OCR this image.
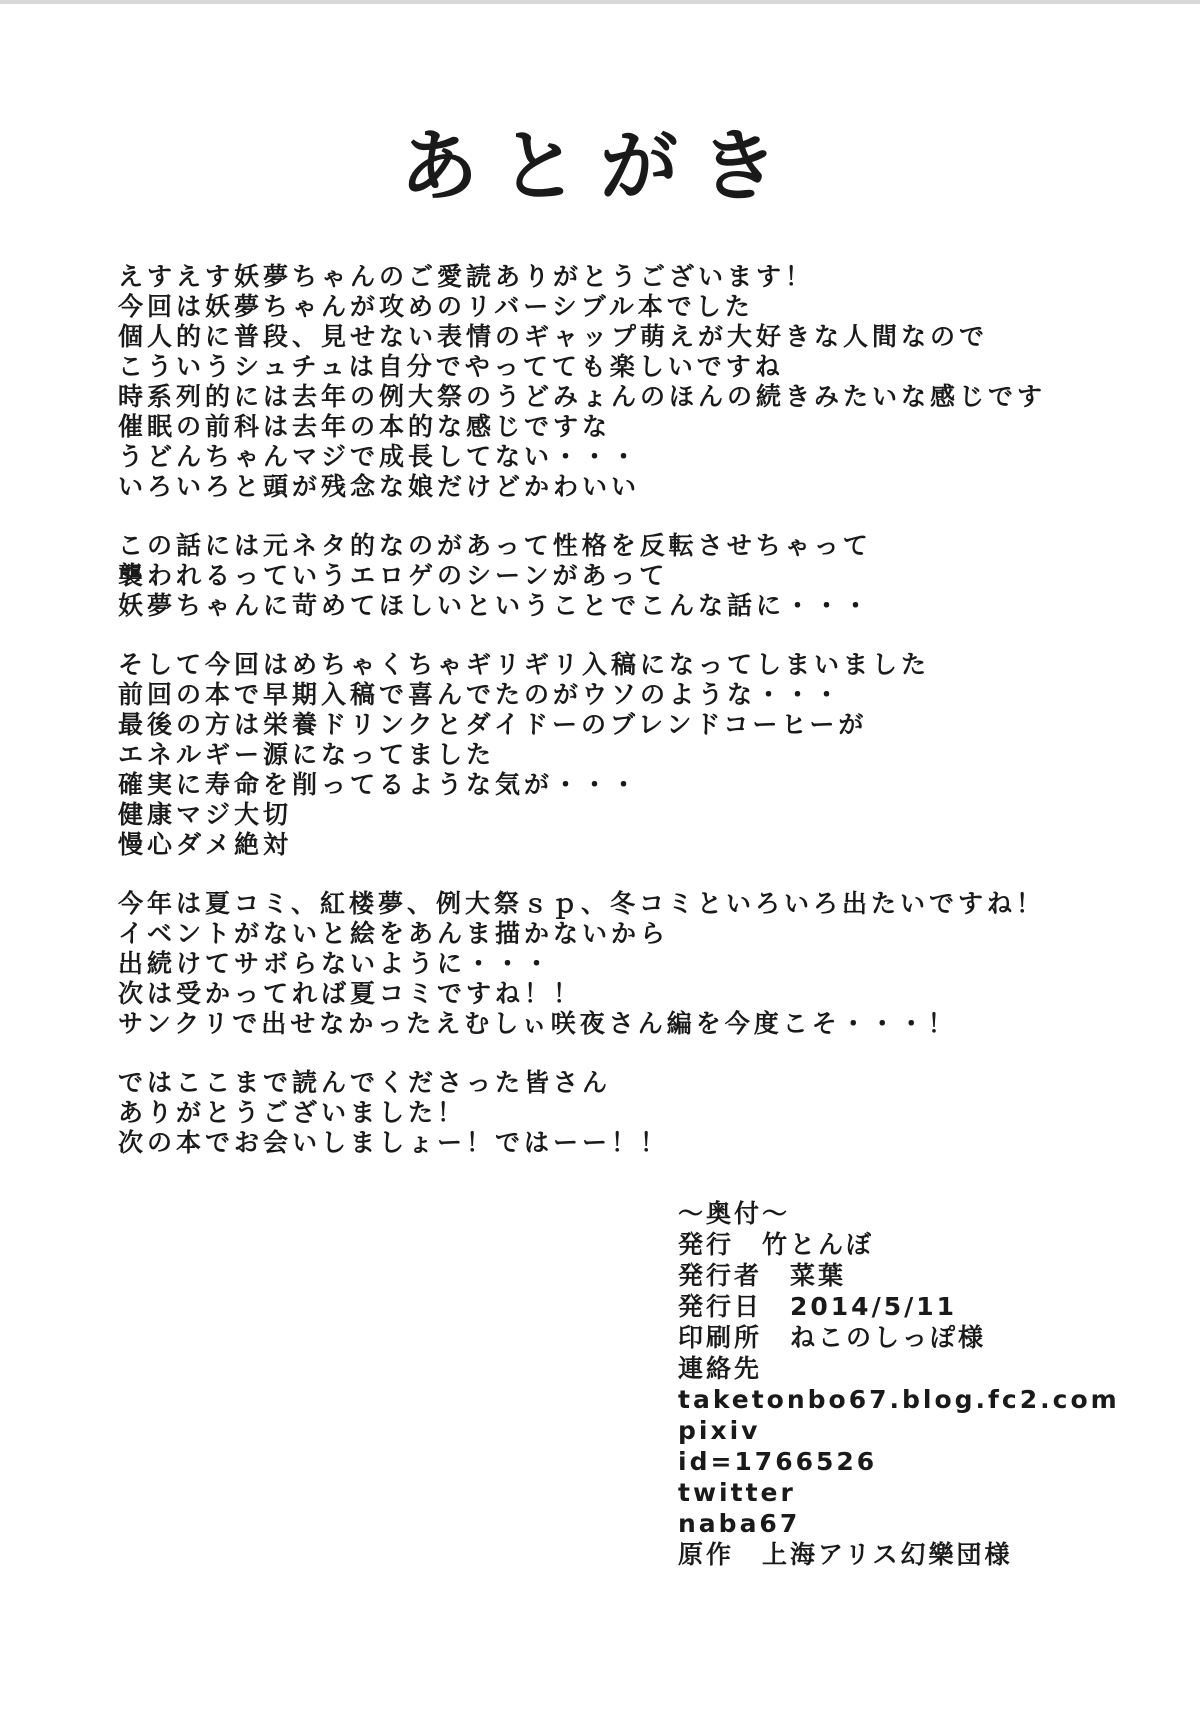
あとがき
えすえす妖夢ちゃんのご愛読ありがとうございます！
今回は妖夢ちゃんが攻めのリバーシブル本でした
個人的に普段、見せない表情のギャップ萌えが大好きな人間なので
こういうシュチュは自分でやってても楽しいですね
時系列的には去年の例大祭のうどみょんのほんの続きみたいな感じです
催眠の前科は去年の本的な感じですな
うどんちゃんマジで成長してない・・・
いろいろと頭が残念な娘だけどかわいい
この話には元ネタ的なのがあって性格を反転させちゃって
襲われるっていうエロゲのシーンがあって
妖夢ちゃんに苛めてほしいということでこんな話に・・・
そして今回はめちゃくちゃギリギリ入稿になってしまいました
前回の本で早期入稿で喜んでたのがウソのような・・・
最後の方は栄養ドリンクとダイドーのブレンドコーヒーが
エネルギー源になってました
確実に寿命を削ってるような気が・・・
健康マジ大切
慢心ダメ絶対
今年は夏コミ、紅楼夢、例大祭ｓｐ、冬コミといろいろ出たいですね！
イベントがないと絵をあんま描かないから
出続けてサボらないように・・・
次は受かってれば夏コミですね！！
サンクリで出せなかったえむしぃ咲夜さん編を今度こそ・・・！
ではここまで読んでくださった皆さん
ありがとうございました！
次の本でお会いしましょー！ではーー！！
～奥付～
発行　竹とんぼ
発行者　菜葉
発行日　2014/5/11
印刷所　ねこのしっぽ様
連絡先
taketonbo67.blog.fc2.com
pixiv
id=1766526
twitter
naba67
原作　上海アリス幻樂団様
